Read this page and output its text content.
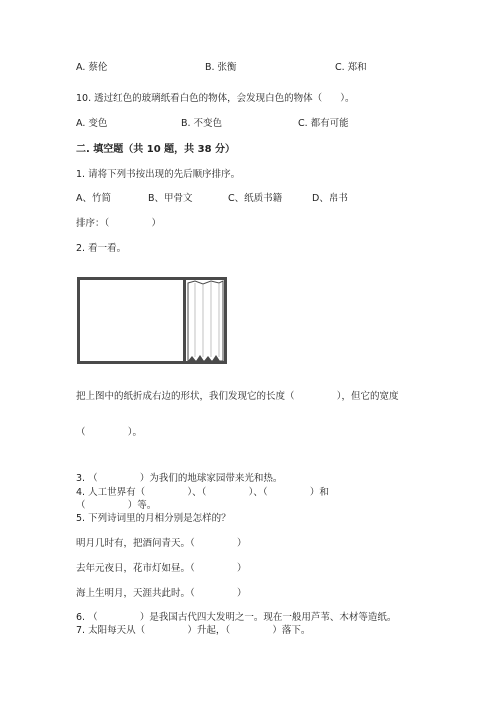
A. 蔡伦	B. 张衡	C. 郑和
10. 透过红色的玻璃纸看白色的物体，会发现白色的物体（      ）。
A. 变色	B. 不变色	C. 都有可能
二. 填空题（共 10 题，共 38 分）
1. 请将下列书按出现的先后顺序排序。
A、竹简	B、甲骨文	C、纸质书籍	D、帛书
排序：（              ）
2. 看一看。
把上图中的纸折成右边的形状，我们发现它的长度（              ），但它的宽度
（              ）。
3. （              ）为我们的地球家园带来光和热。
4. 人工世界有（              ）、（              ）、（              ）和
（              ）等。
5. 下列诗词里的月相分别是怎样的？
明月几时有，把酒问青天。（              ）
去年元夜日，花市灯如昼。（              ）
海上生明月，天涯共此时。（              ）
6. （              ）是我国古代四大发明之一。现在一般用芦苇、木材等造纸。
7. 太阳每天从（              ）升起，（              ）落下。
